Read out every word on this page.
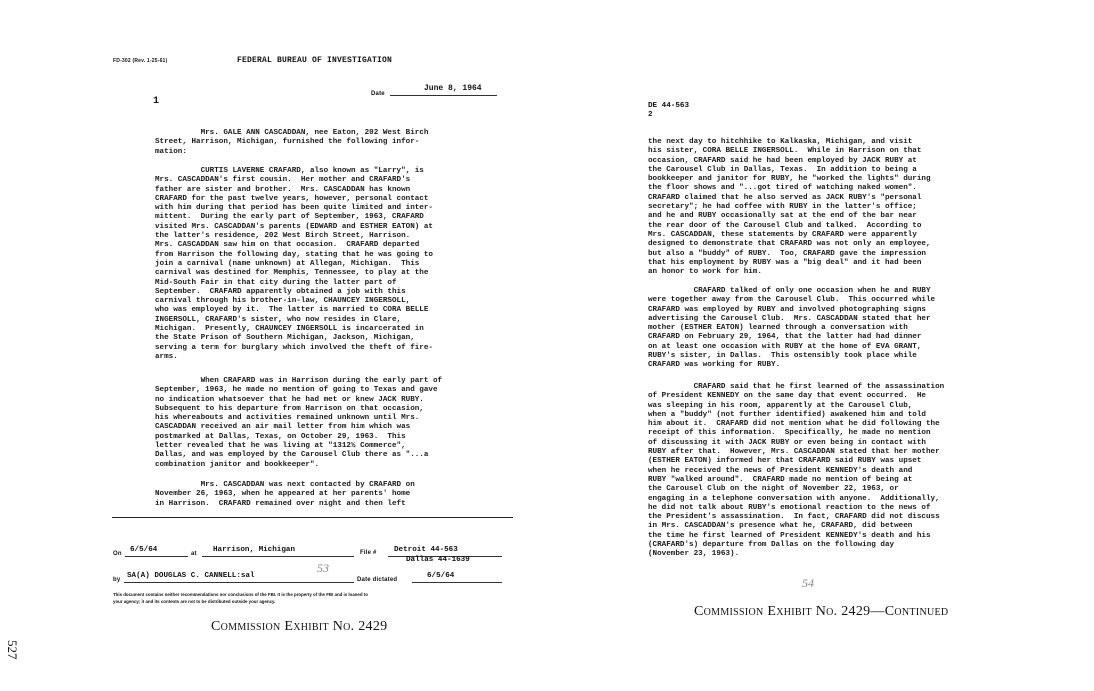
FD-302 (Rev. 1-25-61)	FEDERAL BUREAU OF INVESTIGATION
1
Date
June 8, 1964
Mrs. GALE ANN CASCADDAN, nee Eaton, 202 West Birch
Street, Harrison, Michigan, furnished the following infor-
mation:
CURTIS LAVERNE CRAFARD, also known as "Larry", is
Mrs. CASCADDAN's first cousin.  Her mother and CRAFARD's
father are sister and brother.  Mrs. CASCADDAN has known
CRAFARD for the past twelve years, however, personal contact
with him during that period has been quite limited and inter-
mittent.  During the early part of September, 1963, CRAFARD
visited Mrs. CASCADDAN's parents (EDWARD and ESTHER EATON) at
the latter's residence, 202 West Birch Street, Harrison.
Mrs. CASCADDAN saw him on that occasion.  CRAFARD departed
from Harrison the following day, stating that he was going to
join a carnival (name unknown) at Allegan, Michigan.  This
carnival was destined for Memphis, Tennessee, to play at the
Mid-South Fair in that city during the latter part of
September.  CRAFARD apparently obtained a job with this
carnival through his brother-in-law, CHAUNCEY INGERSOLL,
who was employed by it.  The latter is married to CORA BELLE
INGERSOLL, CRAFARD's sister, who now resides in Clare,
Michigan.  Presently, CHAUNCEY INGERSOLL is incarcerated in
the State Prison of Southern Michigan, Jackson, Michigan,
serving a term for burglary which involved the theft of fire-
arms.
When CRAFARD was in Harrison during the early part of
September, 1963, he made no mention of going to Texas and gave
no indication whatsoever that he had met or knew JACK RUBY.
Subsequent to his departure from Harrison on that occasion,
his whereabouts and activities remained unknown until Mrs.
CASCADDAN received an air mail letter from him which was
postmarked at Dallas, Texas, on October 29, 1963.  This
letter revealed that he was living at "1312½ Commerce",
Dallas, and was employed by the Carousel Club there as "...a
combination janitor and bookkeeper".
Mrs. CASCADDAN was next contacted by CRAFARD on
November 26, 1963, when he appeared at her parents' home
in Harrison.  CRAFARD remained over night and then left
On 6/5/64	at Harrison, Michigan	File # Detroit 44-563
Dallas 44-1639
by SA(A) DOUGLAS C. CANNELL:sal
53
Date dictated	6/5/64
This document contains neither recommendations nor conclusions of the FBI. It is the property of the FBI and is loaned to
your agency; it and its contents are not to be distributed outside your agency.
Commission Exhibit No. 2429
527
DE 44-563
2
the next day to hitchhike to Kalkaska, Michigan, and visit
his sister, CORA BELLE INGERSOLL.  While in Harrison on that
occasion, CRAFARD said he had been employed by JACK RUBY at
the Carousel Club in Dallas, Texas.  In addition to being a
bookkeeper and janitor for RUBY, he "worked the lights" during
the floor shows and "...got tired of watching naked women".
CRAFARD claimed that he also served as JACK RUBY's "personal
secretary"; he had coffee with RUBY in the latter's office;
and he and RUBY occasionally sat at the end of the bar near
the rear door of the Carousel Club and talked.  According to
Mrs. CASCADDAN, these statements by CRAFARD were apparently
designed to demonstrate that CRAFARD was not only an employee,
but also a "buddy" of RUBY.  Too, CRAFARD gave the impression
that his employment by RUBY was a "big deal" and it had been
an honor to work for him.
CRAFARD talked of only one occasion when he and RUBY
were together away from the Carousel Club.  This occurred while
CRAFARD was employed by RUBY and involved photographing signs
advertising the Carousel Club.  Mrs. CASCADDAN stated that her
mother (ESTHER EATON) learned through a conversation with
CRAFARD on February 29, 1964, that the latter had had dinner
on at least one occasion with RUBY at the home of EVA GRANT,
RUBY's sister, in Dallas.  This ostensibly took place while
CRAFARD was working for RUBY.
CRAFARD said that he first learned of the assassination
of President KENNEDY on the same day that event occurred.  He
was sleeping in his room, apparently at the Carousel Club,
when a "buddy" (not further identified) awakened him and told
him about it.  CRAFARD did not mention what he did following the
receipt of this information.  Specifically, he made no mention
of discussing it with JACK RUBY or even being in contact with
RUBY after that.  However, Mrs. CASCADDAN stated that her mother
(ESTHER EATON) informed her that CRAFARD said RUBY was upset
when he received the news of President KENNEDY's death and
RUBY "walked around".  CRAFARD made no mention of being at
the Carousel Club on the night of November 22, 1963, or
engaging in a telephone conversation with anyone.  Additionally,
he did not talk about RUBY's emotional reaction to the news of
the President's assassination.  In fact, CRAFARD did not discuss
in Mrs. CASCADDAN's presence what he, CRAFARD, did between
the time he first learned of President KENNEDY's death and his
(CRAFARD's) departure from Dallas on the following day
(November 23, 1963).
54
Commission Exhibit No. 2429—Continued
